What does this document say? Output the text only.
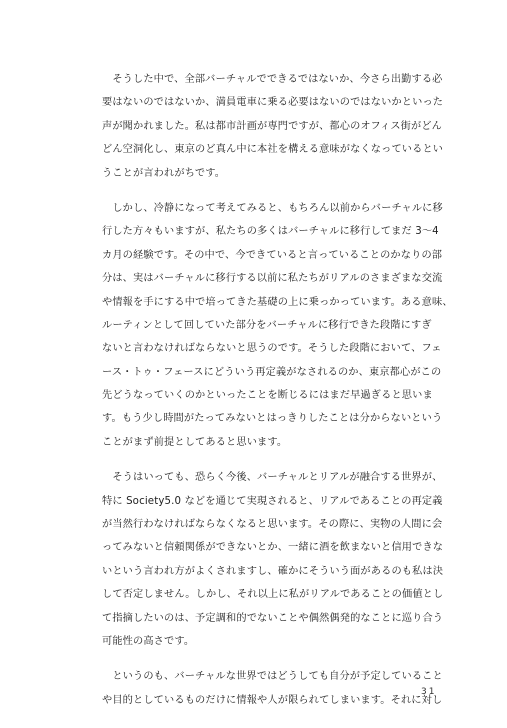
　そうした中で、全部バーチャルでできるではないか、今さら出勤する必
要はないのではないか、満員電車に乗る必要はないのではないかといった
声が聞かれました。私は都市計画が専門ですが、都心のオフィス街がどん
どん空洞化し、東京のど真ん中に本社を構える意味がなくなっているとい
うことが言われがちです。
　しかし、冷静になって考えてみると、もちろん以前からバーチャルに移
行した方々もいますが、私たちの多くはバーチャルに移行してまだ 3〜4
カ月の経験です。その中で、今できていると言っていることのかなりの部
分は、実はバーチャルに移行する以前に私たちがリアルのさまざまな交流
や情報を手にする中で培ってきた基礎の上に乗っかっています。ある意味、
ルーティンとして回していた部分をバーチャルに移行できた段階にすぎ
ないと言わなければならないと思うのです。そうした段階において、フェ
ース・トゥ・フェースにどういう再定義がなされるのか、東京都心がこの
先どうなっていくのかといったことを断じるにはまだ早過ぎると思いま
す。もう少し時間がたってみないとはっきりしたことは分からないという
ことがまず前提としてあると思います。
　そうはいっても、恐らく今後、バーチャルとリアルが融合する世界が、
特に Society5.0 などを通じて実現されると、リアルであることの再定義
が当然行わなければならなくなると思います。その際に、実物の人間に会
ってみないと信頼関係ができないとか、一緒に酒を飲まないと信用できな
いという言われ方がよくされますし、確かにそういう面があるのも私は決
して否定しません。しかし、それ以上に私がリアルであることの価値とし
て指摘したいのは、予定調和的でないことや偶然偶発的なことに巡り合う
可能性の高さです。
　というのも、バーチャルな世界ではどうしても自分が予定していること
や目的としているものだけに情報や人が限られてしまいます。それに対し
31
